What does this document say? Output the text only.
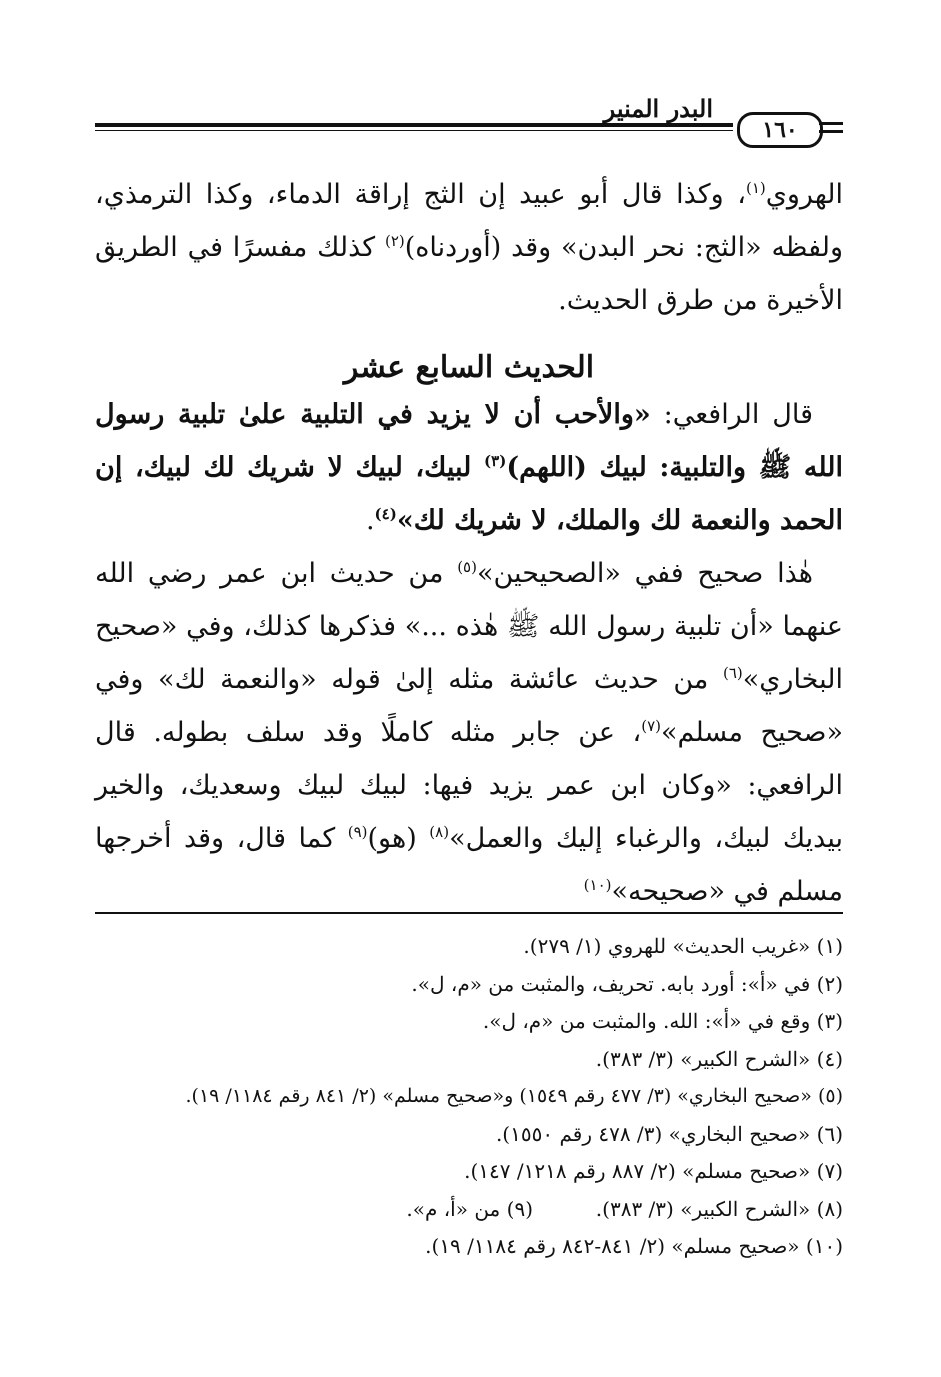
البدر المنير
١٦٠

الهروي$^{(١)}$، وكذا قال أبو عبيد إن الثج إراقة الدماء، وكذا الترمذي، ولفظه «الثج: نحر البدن» وقد (أوردناه)$^{(٢)}$ كذلك مفسرًا في الطريق الأخيرة من طرق الحديث.

الحديث السابع عشر

قال الرافعي: «والأحب أن لا يزيد في التلبية علىٰ تلبية رسول الله ﷺ والتلبية: لبيك (اللهم)$^{(٣)}$ لبيك، لبيك لا شريك لك لبيك، إن الحمد والنعمة لك والملك، لا شريك لك»$^{(٤)}$.

هٰذا صحيح ففي «الصحيحين»$^{(٥)}$ من حديث ابن عمر رضي الله عنهما «أن تلبية رسول الله ﷺ هٰذه ...» فذكرها كذلك، وفي «صحيح البخاري»$^{(٦)}$ من حديث عائشة مثله إلىٰ قوله «والنعمة لك» وفي «صحيح مسلم»$^{(٧)}$، عن جابر مثله كاملًا وقد سلف بطوله. قال الرافعي: «وكان ابن عمر يزيد فيها: لبيك لبيك وسعديك، والخير بيديك لبيك، والرغباء إليك والعمل»$^{(٨)}$ (هو)$^{(٩)}$ كما قال، وقد أخرجها مسلم في «صحيحه»$^{(١٠)}$

(١) «غريب الحديث» للهروي (١/ ٢٧٩).
(٢) في «أ»: أورد بابه. تحريف، والمثبت من «م، ل».
(٣) وقع في «أ»: الله. والمثبت من «م، ل».
(٤) «الشرح الكبير» (٣/ ٣٨٣).
(٥) «صحيح البخاري» (٣/ ٤٧٧ رقم ١٥٤٩) و«صحيح مسلم» (٢/ ٨٤١ رقم ١١٨٤/ ١٩).
(٦) «صحيح البخاري» (٣/ ٤٧٨ رقم ١٥٥٠).
(٧) «صحيح مسلم» (٢/ ٨٨٧ رقم ١٢١٨/ ١٤٧).
(٨) «الشرح الكبير» (٣/ ٣٨٣).(٩) من «أ، م».
(١٠) «صحيح مسلم» (٢/ ٨٤١-٨٤٢ رقم ١١٨٤/ ١٩).
